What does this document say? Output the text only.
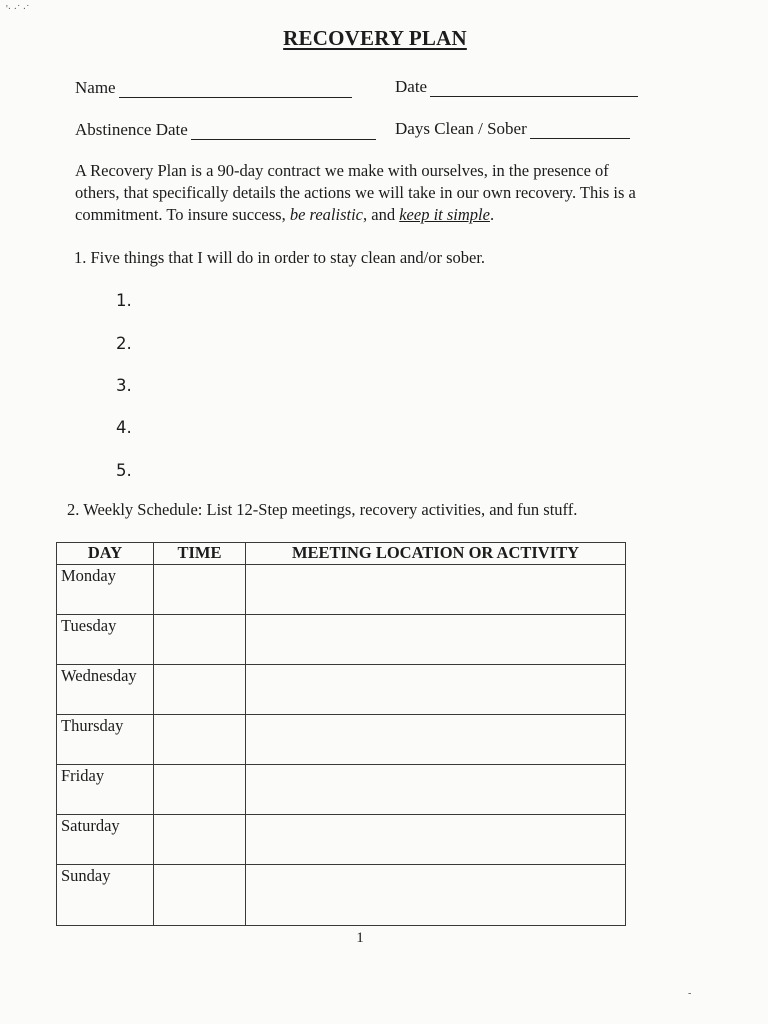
RECOVERY PLAN
Name	Date
Abstinence Date	Days Clean / Sober
A Recovery Plan is a 90-day contract we make with ourselves, in the presence of others, that specifically details the actions we will take in our own recovery. This is a commitment. To insure success, be realistic, and keep it simple.
1. Five things that I will do in order to stay clean and/or sober.
1.
2.
3.
4.
5.
2. Weekly Schedule: List 12-Step meetings, recovery activities, and fun stuff.
DAY	TIME	MEETING LOCATION OR ACTIVITY
Monday		
Tuesday		
Wednesday		
Thursday		
Friday		
Saturday		
Sunday		
1
'· ·˙ ·˙
-
